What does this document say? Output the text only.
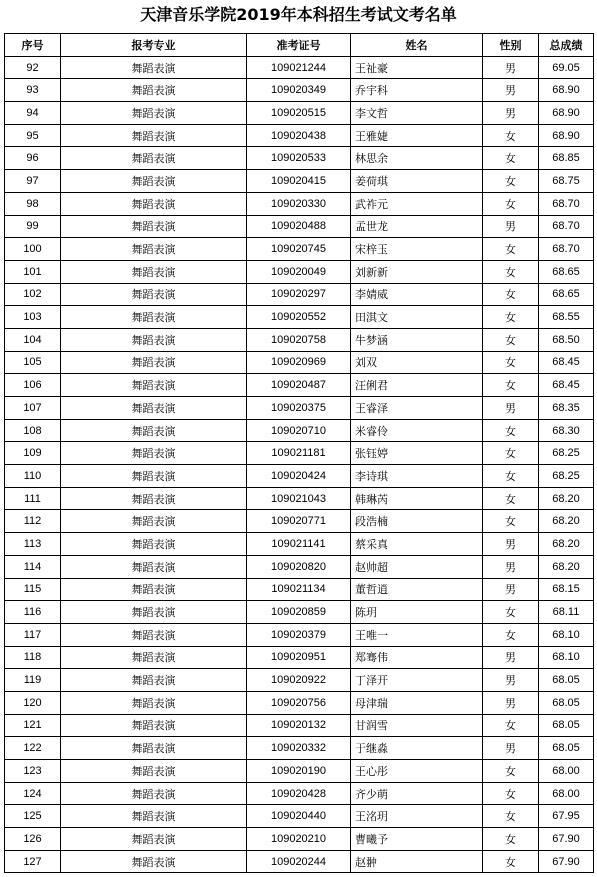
天津音乐学院2019年本科招生考试文考名单
序号	报考专业	准考证号	姓名	性别	总成绩
92	舞蹈表演	109021244	王祉豪	男	69.05
93	舞蹈表演	109020349	乔宇科	男	68.90
94	舞蹈表演	109020515	李文哲	男	68.90
95	舞蹈表演	109020438	王雅婕	女	68.90
96	舞蹈表演	109020533	林思余	女	68.85
97	舞蹈表演	109020415	姜荷琪	女	68.75
98	舞蹈表演	109020330	武祚元	女	68.70
99	舞蹈表演	109020488	孟世龙	男	68.70
100	舞蹈表演	109020745	宋梓玉	女	68.70
101	舞蹈表演	109020049	刘新新	女	68.65
102	舞蹈表演	109020297	李婧威	女	68.65
103	舞蹈表演	109020552	田淇文	女	68.55
104	舞蹈表演	109020758	牛梦涵	女	68.50
105	舞蹈表演	109020969	刘双	女	68.45
106	舞蹈表演	109020487	汪俐君	女	68.45
107	舞蹈表演	109020375	王睿泽	男	68.35
108	舞蹈表演	109020710	米睿伶	女	68.30
109	舞蹈表演	109021181	张钰婷	女	68.25
110	舞蹈表演	109020424	李诗琪	女	68.25
111	舞蹈表演	109021043	韩琳芮	女	68.20
112	舞蹈表演	109020771	段浩楠	女	68.20
113	舞蹈表演	109021141	蔡采真	男	68.20
114	舞蹈表演	109020820	赵帅超	男	68.20
115	舞蹈表演	109021134	董哲逍	男	68.15
116	舞蹈表演	109020859	陈玥	女	68.11
117	舞蹈表演	109020379	王唯一	女	68.10
118	舞蹈表演	109020951	郑骞伟	男	68.10
119	舞蹈表演	109020922	丁泽开	男	68.05
120	舞蹈表演	109020756	母津瑞	男	68.05
121	舞蹈表演	109020132	甘润雪	女	68.05
122	舞蹈表演	109020332	于继淼	男	68.05
123	舞蹈表演	109020190	王心彤	女	68.00
124	舞蹈表演	109020428	齐少萌	女	68.00
125	舞蹈表演	109020440	王洺玥	女	67.95
126	舞蹈表演	109020210	曹曦予	女	67.90
127	舞蹈表演	109020244	赵翀	女	67.90
